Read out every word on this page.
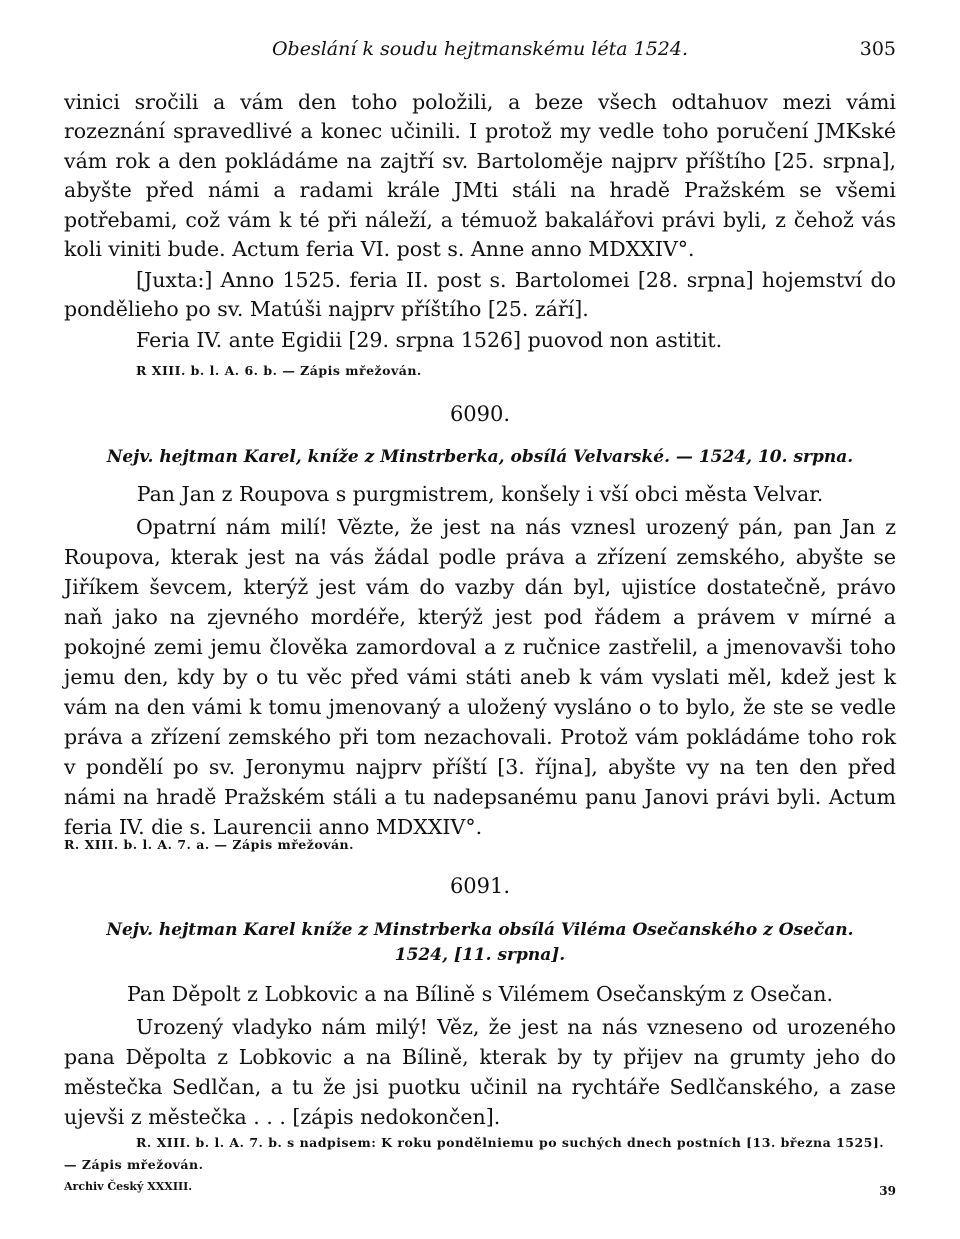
Obeslání k soudu hejtmanskému léta 1524.	305
vinici sročili a vám den toho položili, a beze všech odtahuov mezi vámi rozeznání spravedlivé a konec učinili. I protož my vedle toho poručení JMKské vám rok a den pokládáme na zajtří sv. Bartoloměje najprv příštího [25. srpna], abyšte před námi a radami krále JMti stáli na hradě Pražském se všemi potřebami, což vám k té při náleží, a témuož bakalářovi právi byli, z čehož vás koli viniti bude. Actum feria VI. post s. Anne anno MDXXIV°.
[Juxta:] Anno 1525. feria II. post s. Bartolomei [28. srpna] hojemství do pondělieho po sv. Matúši najprv příštího [25. září].
Feria IV. ante Egidii [29. srpna 1526] puovod non astitit.
R XIII. b. l. A. 6. b. — Zápis mřežován.
6090.
Nejv. hejtman Karel, kníže z Minstrberka, obsílá Velvarské. — 1524, 10. srpna.
Pan Jan z Roupova s purgmistrem, konšely i vší obci města Velvar.
Opatrní nám milí! Vězte, že jest na nás vznesl urozený pán, pan Jan z Roupova, kterak jest na vás žádal podle práva a zřízení zemského, abyšte se Jiříkem ševcem, kterýž jest vám do vazby dán byl, ujistíce dostatečně, právo naň jako na zjevného mordéře, kterýž jest pod řádem a právem v mírné a pokojné zemi jemu člověka zamordoval a z ručnice zastřelil, a jmenovavši toho jemu den, kdy by o tu věc před vámi státi aneb k vám vyslati měl, kdež jest k vám na den vámi k tomu jmenovaný a uložený vysláno o to bylo, že ste se vedle práva a zřízení zemského při tom nezachovali. Protož vám pokládáme toho rok v pondělí po sv. Jeronymu najprv příští [3. října], abyšte vy na ten den před námi na hradě Pražském stáli a tu nadepsanému panu Janovi právi byli. Actum feria IV. die s. Laurencii anno MDXXIV°.
R. XIII. b. l. A. 7. a. — Zápis mřežován.
6091.
Nejv. hejtman Karel kníže z Minstrberka obsílá Viléma Osečanského z Osečan.
1524, [11. srpna].
Pan Děpolt z Lobkovic a na Bílině s Vilémem Osečanským z Osečan.
Urozený vladyko nám milý! Věz, že jest na nás vzneseno od urozeného pana Děpolta z Lobkovic a na Bílině, kterak by ty přijev na grumty jeho do městečka Sedlčan, a tu že jsi puotku učinil na rychtáře Sedlčanského, a zase ujevši z městečka . . . [zápis nedokončen].
R. XIII. b. l. A. 7. b. s nadpisem: K roku pondělniemu po suchých dnech postních [13. března 1525].
— Zápis mřežován.
Archiv Český XXXIII.	39
